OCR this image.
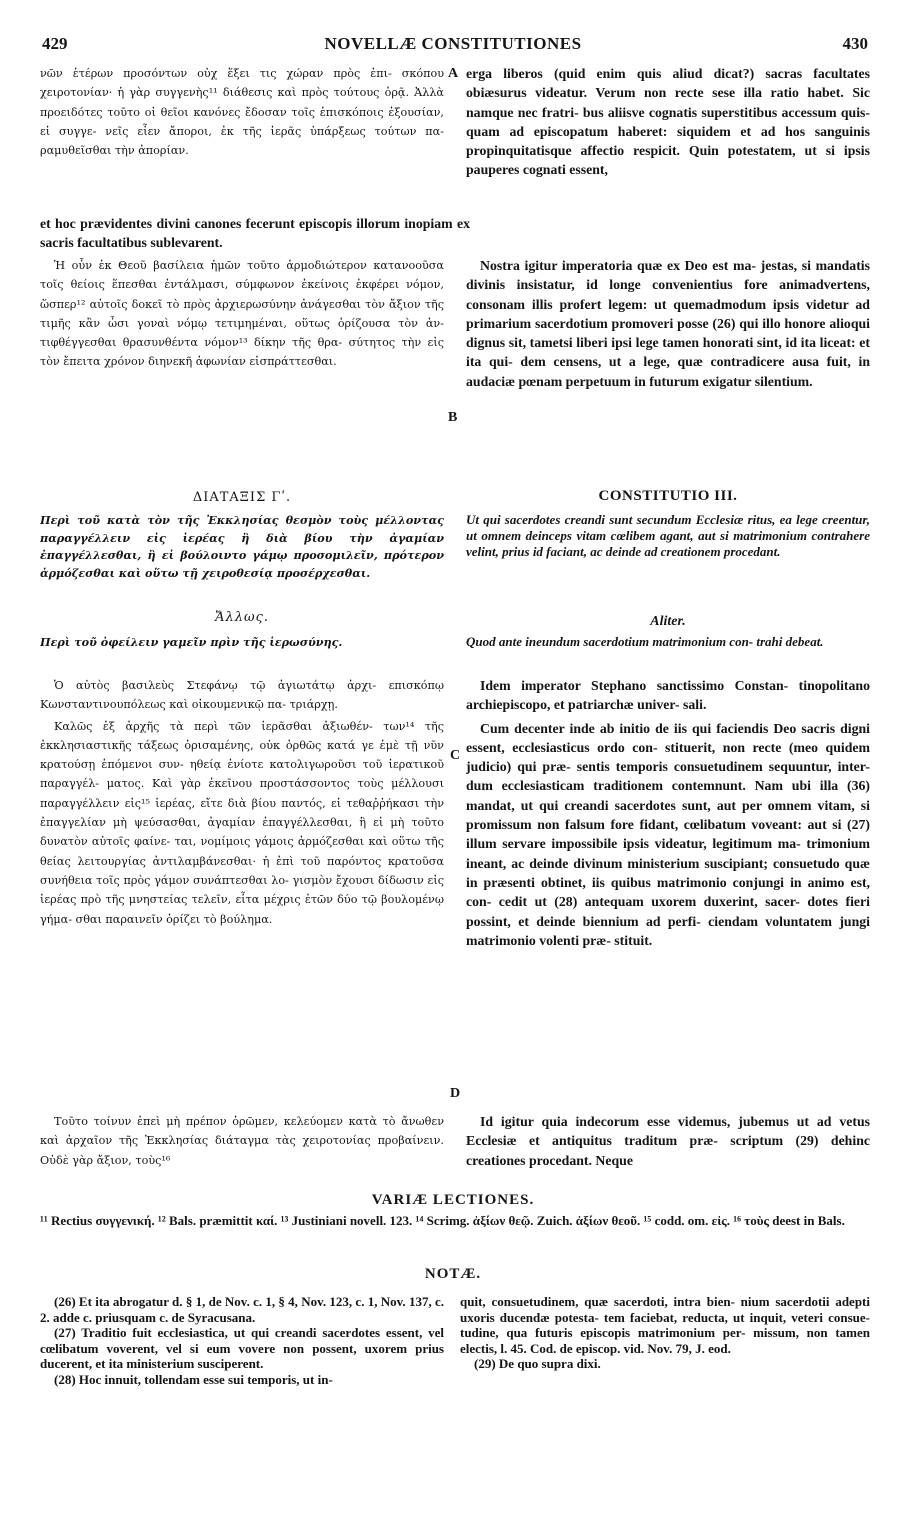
429	NOVELLÆ CONSTITUTIONES	430

νῶν ἑτέρων προσόντων οὐχ ἕξει τις χώραν πρὸς ἐπι- σκόπου χειροτονίαν· ἡ γὰρ συγγενὴς¹¹ διάθεσις καὶ πρὸς τούτους ὁρᾷ. Ἀλλὰ προειδότες τοῦτο οἱ θεῖοι κανόνες ἔδοσαν τοῖς ἐπισκόποις ἐξουσίαν, εἰ συγγε- νεῖς εἶεν ἄποροι, ἐκ τῆς ἱερᾶς ὑπάρξεως τούτων πα- ραμυθεῖσθαι τὴν ἀπορίαν.

erga liberos (quid enim quis aliud dicat?) sacras facultates obiæsurus videatur. Verum non recte sese illa ratio habet. Sic namque nec fratri- bus aliisve cognatis superstitibus accessum quis- quam ad episcopatum haberet: siquidem et ad hos sanguinis propinquitatisque affectio respicit. Quin potestatem, ut si ipsis pauperes cognati essent,

et hoc prævidentes divini canones fecerunt episcopis illorum inopiam ex sacris facultatibus sublevarent.

Ἡ οὖν ἐκ Θεοῦ βασίλεια ἡμῶν τοῦτο ἁρμοδιώτερον κατανοοῦσα τοῖς θείοις ἕπεσθαι ἐντάλμασι, σύμφωνον ἐκείνοις ἐκφέρει νόμον, ὥσπερ¹² αὐτοῖς δοκεῖ τὸ πρὸς ἀρχιερωσύνην ἀνάγεσθαι τὸν ἄξιον τῆς τιμῆς κἂν ὦσι γοναὶ νόμῳ τετιμημέναι, οὕτως ὁρίζουσα τὸν ἀν- τιφθέγγεσθαι θρασυνθέντα νόμον¹³ δίκην τῆς θρα- σύτητος τὴν εἰς τὸν ἔπειτα χρόνον διηνεκῆ ἀφωνίαν εἰσπράττεσθαι.

Nostra igitur imperatoria quæ ex Deo est ma- jestas, si mandatis divinis insistatur, id longe convenientius fore animadvertens, consonam illis profert legem: ut quemadmodum ipsis videtur ad primarium sacerdotium promoveri posse (26) qui illo honore alioqui dignus sit, tametsi liberi ipsi lege tamen honorati sint, id ita liceat: et ita qui- dem censens, ut a lege, quæ contradicere ausa fuit, in audaciæ pœnam perpetuum in futurum exigatur silentium.

ΔΙΑΤΑΞΙΣ Γʹ.	CONSTITUTIO III.
Περὶ τοῦ κατὰ τὸν τῆς Ἐκκλησίας θεσμὸν τοὺς μέλλοντας παραγγέλλειν εἰς ἱερέας ἢ διὰ βίου τὴν ἀγαμίαν ἐπαγγέλλεσθαι, ἢ εἰ βούλοιντο γάμῳ προσομιλεῖν, πρότερον ἁρμόζεσθαι καὶ οὕτω τῇ χειροθεσίᾳ προσέρχεσθαι.
Ut qui sacerdotes creandi sunt secundum Ecclesiæ ritus, ea lege creentur, ut omnem deinceps vitam cœlibem agant, aut si matrimonium contrahere velint, prius id faciant, ac deinde ad creationem procedant.
Ἄλλως.	Aliter.
Περὶ τοῦ ὀφείλειν γαμεῖν πρὶν τῆς ἱερωσύνης.	Quod ante ineundum sacerdotium matrimonium con- trahi debeat.

Ὁ αὐτὸς βασιλεὺς Στεφάνῳ τῷ ἁγιωτάτῳ ἀρχι- επισκόπῳ Κωνσταντινουπόλεως καὶ οἰκουμενικῷ πα- τριάρχῃ.

Καλῶς ἐξ ἀρχῆς τὰ περὶ τῶν ἱερᾶσθαι ἀξιωθέν- των¹⁴ τῆς ἐκκλησιαστικῆς τάξεως ὁρισαμένης, οὐκ ὀρθῶς κατά γε ἐμὲ τῇ νῦν κρατούσῃ ἑπόμενοι συν- ηθείᾳ ἐνίοτε κατολιγωροῦσι τοῦ ἱερατικοῦ παραγγέλ- ματος. Καὶ γὰρ ἐκεῖνου προστάσσοντος τοὺς μέλλουσι παραγγέλλειν εἰς¹⁵ ἱερέας, εἴτε διὰ βίου παντός, εἰ τεθαῤῥήκασι τὴν ἐπαγγελίαν μὴ ψεύσασθαι, ἀγαμίαν ἐπαγγέλλεσθαι, ἢ εἰ μὴ τοῦτο δυνατὸν αὐτοῖς φαίνε- ται, νομίμοις γάμοις ἁρμόζεσθαι καὶ οὕτω τῆς θείας λειτουργίας ἀντιλαμβάνεσθαι· ἡ ἐπὶ τοῦ παρόντος κρατοῦσα συνήθεια τοῖς πρὸς γάμον συνάπτεσθαι λο- γισμὸν ἔχουσι δίδωσιν εἰς ἱερέας πρὸ τῆς μνηστείας τελεῖν, εἶτα μέχρις ἐτῶν δύο τῷ βουλομένῳ γήμα- σθαι παραινεῖν ὁρίζει τὸ βούλημα.

Idem imperator Stephano sanctissimo Constan- tinopolitano archiepiscopo, et patriarchæ univer- sali.

Cum decenter inde ab initio de iis qui faciendis Deo sacris digni essent, ecclesiasticus ordo con- stituerit, non recte (meo quidem judicio) qui præ- sentis temporis consuetudinem sequuntur, inter- dum ecclesiasticam traditionem contemnunt. Nam ubi illa (36) mandat, ut qui creandi sacerdotes sunt, aut per omnem vitam, si promissum non falsum fore fidant, cœlibatum voveant: aut si (27) illum servare impossibile ipsis videatur, legitimum ma- trimonium ineant, ac deinde divinum ministerium suscipiant; consuetudo quæ in præsenti obtinet, iis quibus matrimonio conjungi in animo est, con- cedit ut (28) antequam uxorem duxerint, sacer- dotes fieri possint, et deinde biennium ad perfi- ciendam voluntatem jungi matrimonio volenti præ- stituit.

Τοῦτο τοίνυν ἐπεὶ μὴ πρέπον ὁρῶμεν, κελεύομεν κατὰ τὸ ἄνωθεν καὶ ἀρχαῖον τῆς Ἐκκλησίας διάταγμα τὰς χειροτονίας προβαίνειν. Οὐδὲ γὰρ ἄξιον, τοὺς¹⁶

Id igitur quia indecorum esse videmus, jubemus ut ad vetus Ecclesiæ et antiquitus traditum præ- scriptum (29) dehinc creationes procedant. Neque

A
B
C
D
VARIÆ LECTIONES.
¹¹ Rectius συγγενική. ¹² Bals. præmittit καί. ¹³ Justiniani novell. 123. ¹⁴ Scrimg. ἀξίων θεῷ. Zuich. ἀξίων θεοῦ. ¹⁵ codd. om. εἰς. ¹⁶ τοὺς deest in Bals.
NOTÆ.

(26) Et ita abrogatur d. § 1, de Nov. c. 1, § 4, Nov. 123, c. 1, Nov. 137, c. 2. adde c. priusquam c. de Syracusana.

(27) Traditio fuit ecclesiastica, ut qui creandi sacerdotes essent, vel cœlibatum voverent, vel si eum vovere non possent, uxorem prius ducerent, et ita ministerium susciperent.

(28) Hoc innuit, tollendam esse sui temporis, ut in-

quit, consuetudinem, quæ sacerdoti, intra bien- nium sacerdotii adepti uxoris ducendæ potesta- tem faciebat, reducta, ut inquit, veteri consue- tudine, qua futuris episcopis matrimonium per- missum, non tamen electis, l. 45. Cod. de episcop. vid. Nov. 79, J. eod.

(29) De quo supra dixi.
